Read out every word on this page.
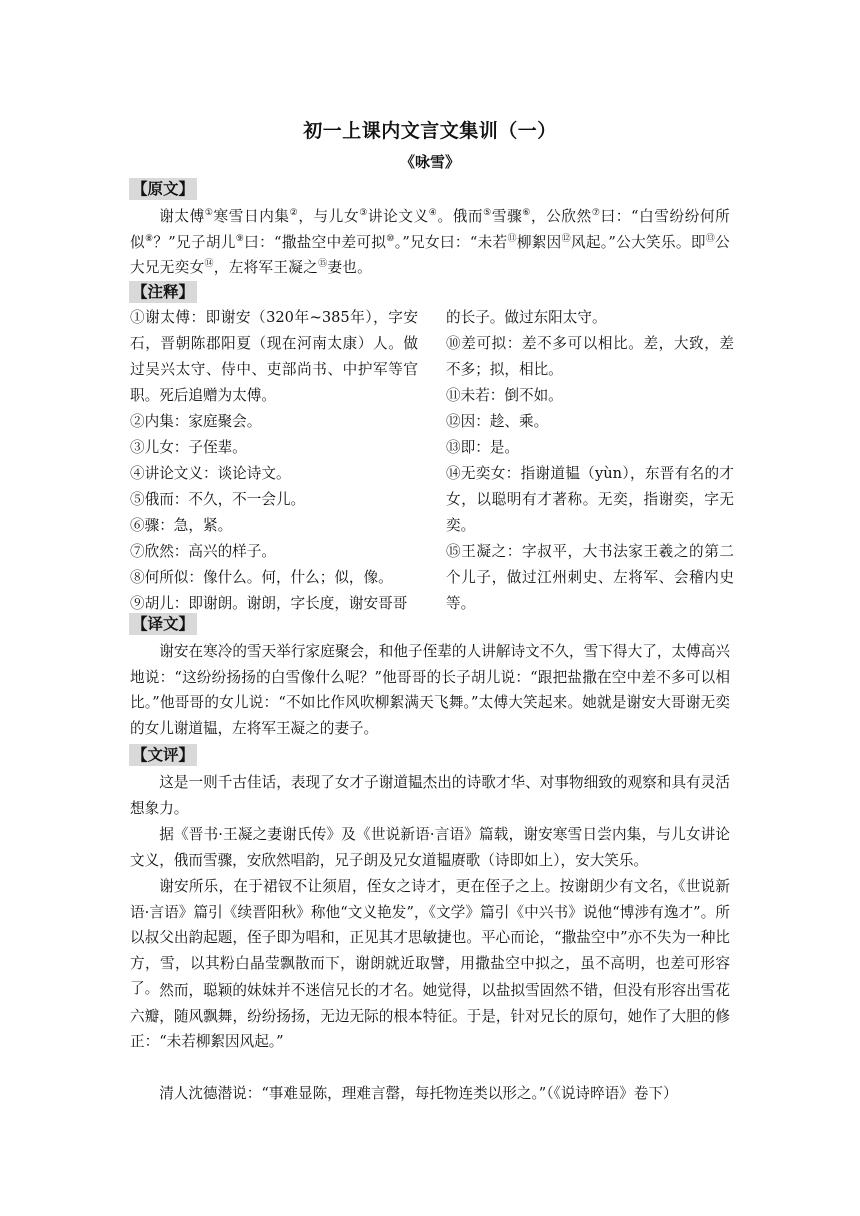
初一上课内文言文集训（一）
《咏雪》
【原文】

谢太傅①寒雪日内集②，与儿女③讲论文义④。俄而⑤雪骤⑥，公欣然⑦曰：“白雪纷纷何所似⑧？”兄子胡儿⑨曰：“撒盐空中差可拟⑩。”兄女曰：“未若⑪柳絮因⑫风起。”公大笑乐。即⑬公大兄无奕女⑭，左将军王凝之⑮妻也。

【注释】

①谢太傅：即谢安（320年~385年），字安石，晋朝陈郡阳夏（现在河南太康）人。做过吴兴太守、侍中、吏部尚书、中护军等官职。死后追赠为太傅。

②内集：家庭聚会。

③儿女：子侄辈。

④讲论文义：谈论诗文。

⑤俄而：不久，不一会儿。

⑥骤：急，紧。

⑦欣然：高兴的样子。

⑧何所似：像什么。何，什么；似，像。

⑨胡儿：即谢朗。谢朗，字长度，谢安哥哥

的长子。做过东阳太守。

⑩差可拟：差不多可以相比。差，大致，差不多；拟，相比。

⑪未若：倒不如。

⑫因：趁、乘。

⑬即：是。

⑭无奕女：指谢道韫（yùn），东晋有名的才女，以聪明有才著称。无奕，指谢奕，字无奕。

⑮王凝之：字叔平，大书法家王羲之的第二个儿子，做过江州刺史、左将军、会稽内史等。

【译文】

谢安在寒冷的雪天举行家庭聚会，和他子侄辈的人讲解诗文不久，雪下得大了，太傅高兴地说：“这纷纷扬扬的白雪像什么呢？”他哥哥的长子胡儿说：“跟把盐撒在空中差不多可以相比。”他哥哥的女儿说：“不如比作风吹柳絮满天飞舞。”太傅大笑起来。她就是谢安大哥谢无奕的女儿谢道韫，左将军王凝之的妻子。

【文评】

这是一则千古佳话，表现了女才子谢道韫杰出的诗歌才华、对事物细致的观察和具有灵活想象力。

据《晋书·王凝之妻谢氏传》及《世说新语·言语》篇载，谢安寒雪日尝内集，与儿女讲论文义，俄而雪骤，安欣然唱韵，兄子朗及兄女道韫赓歌（诗即如上），安大笑乐。

谢安所乐，在于裙钗不让须眉，侄女之诗才，更在侄子之上。按谢朗少有文名，《世说新语·言语》篇引《续晋阳秋》称他“文义艳发”，《文学》篇引《中兴书》说他“博涉有逸才”。所以叔父出韵起题，侄子即为唱和，正见其才思敏捷也。平心而论，“撒盐空中”亦不失为一种比方，雪，以其粉白晶莹飘散而下，谢朗就近取譬，用撒盐空中拟之，虽不高明，也差可形容了。 然而，聪颖的妹妹并不迷信兄长的才名。她觉得，以盐拟雪固然不错，但没有形容出雪花六瓣，随风飘舞，纷纷扬扬，无边无际的根本特征。于是，针对兄长的原句，她作了大胆的修正：“未若柳絮因风起。”

清人沈德潜说：“事难显陈，理难言罄，每托物连类以形之。”（《说诗晬语》卷下）
